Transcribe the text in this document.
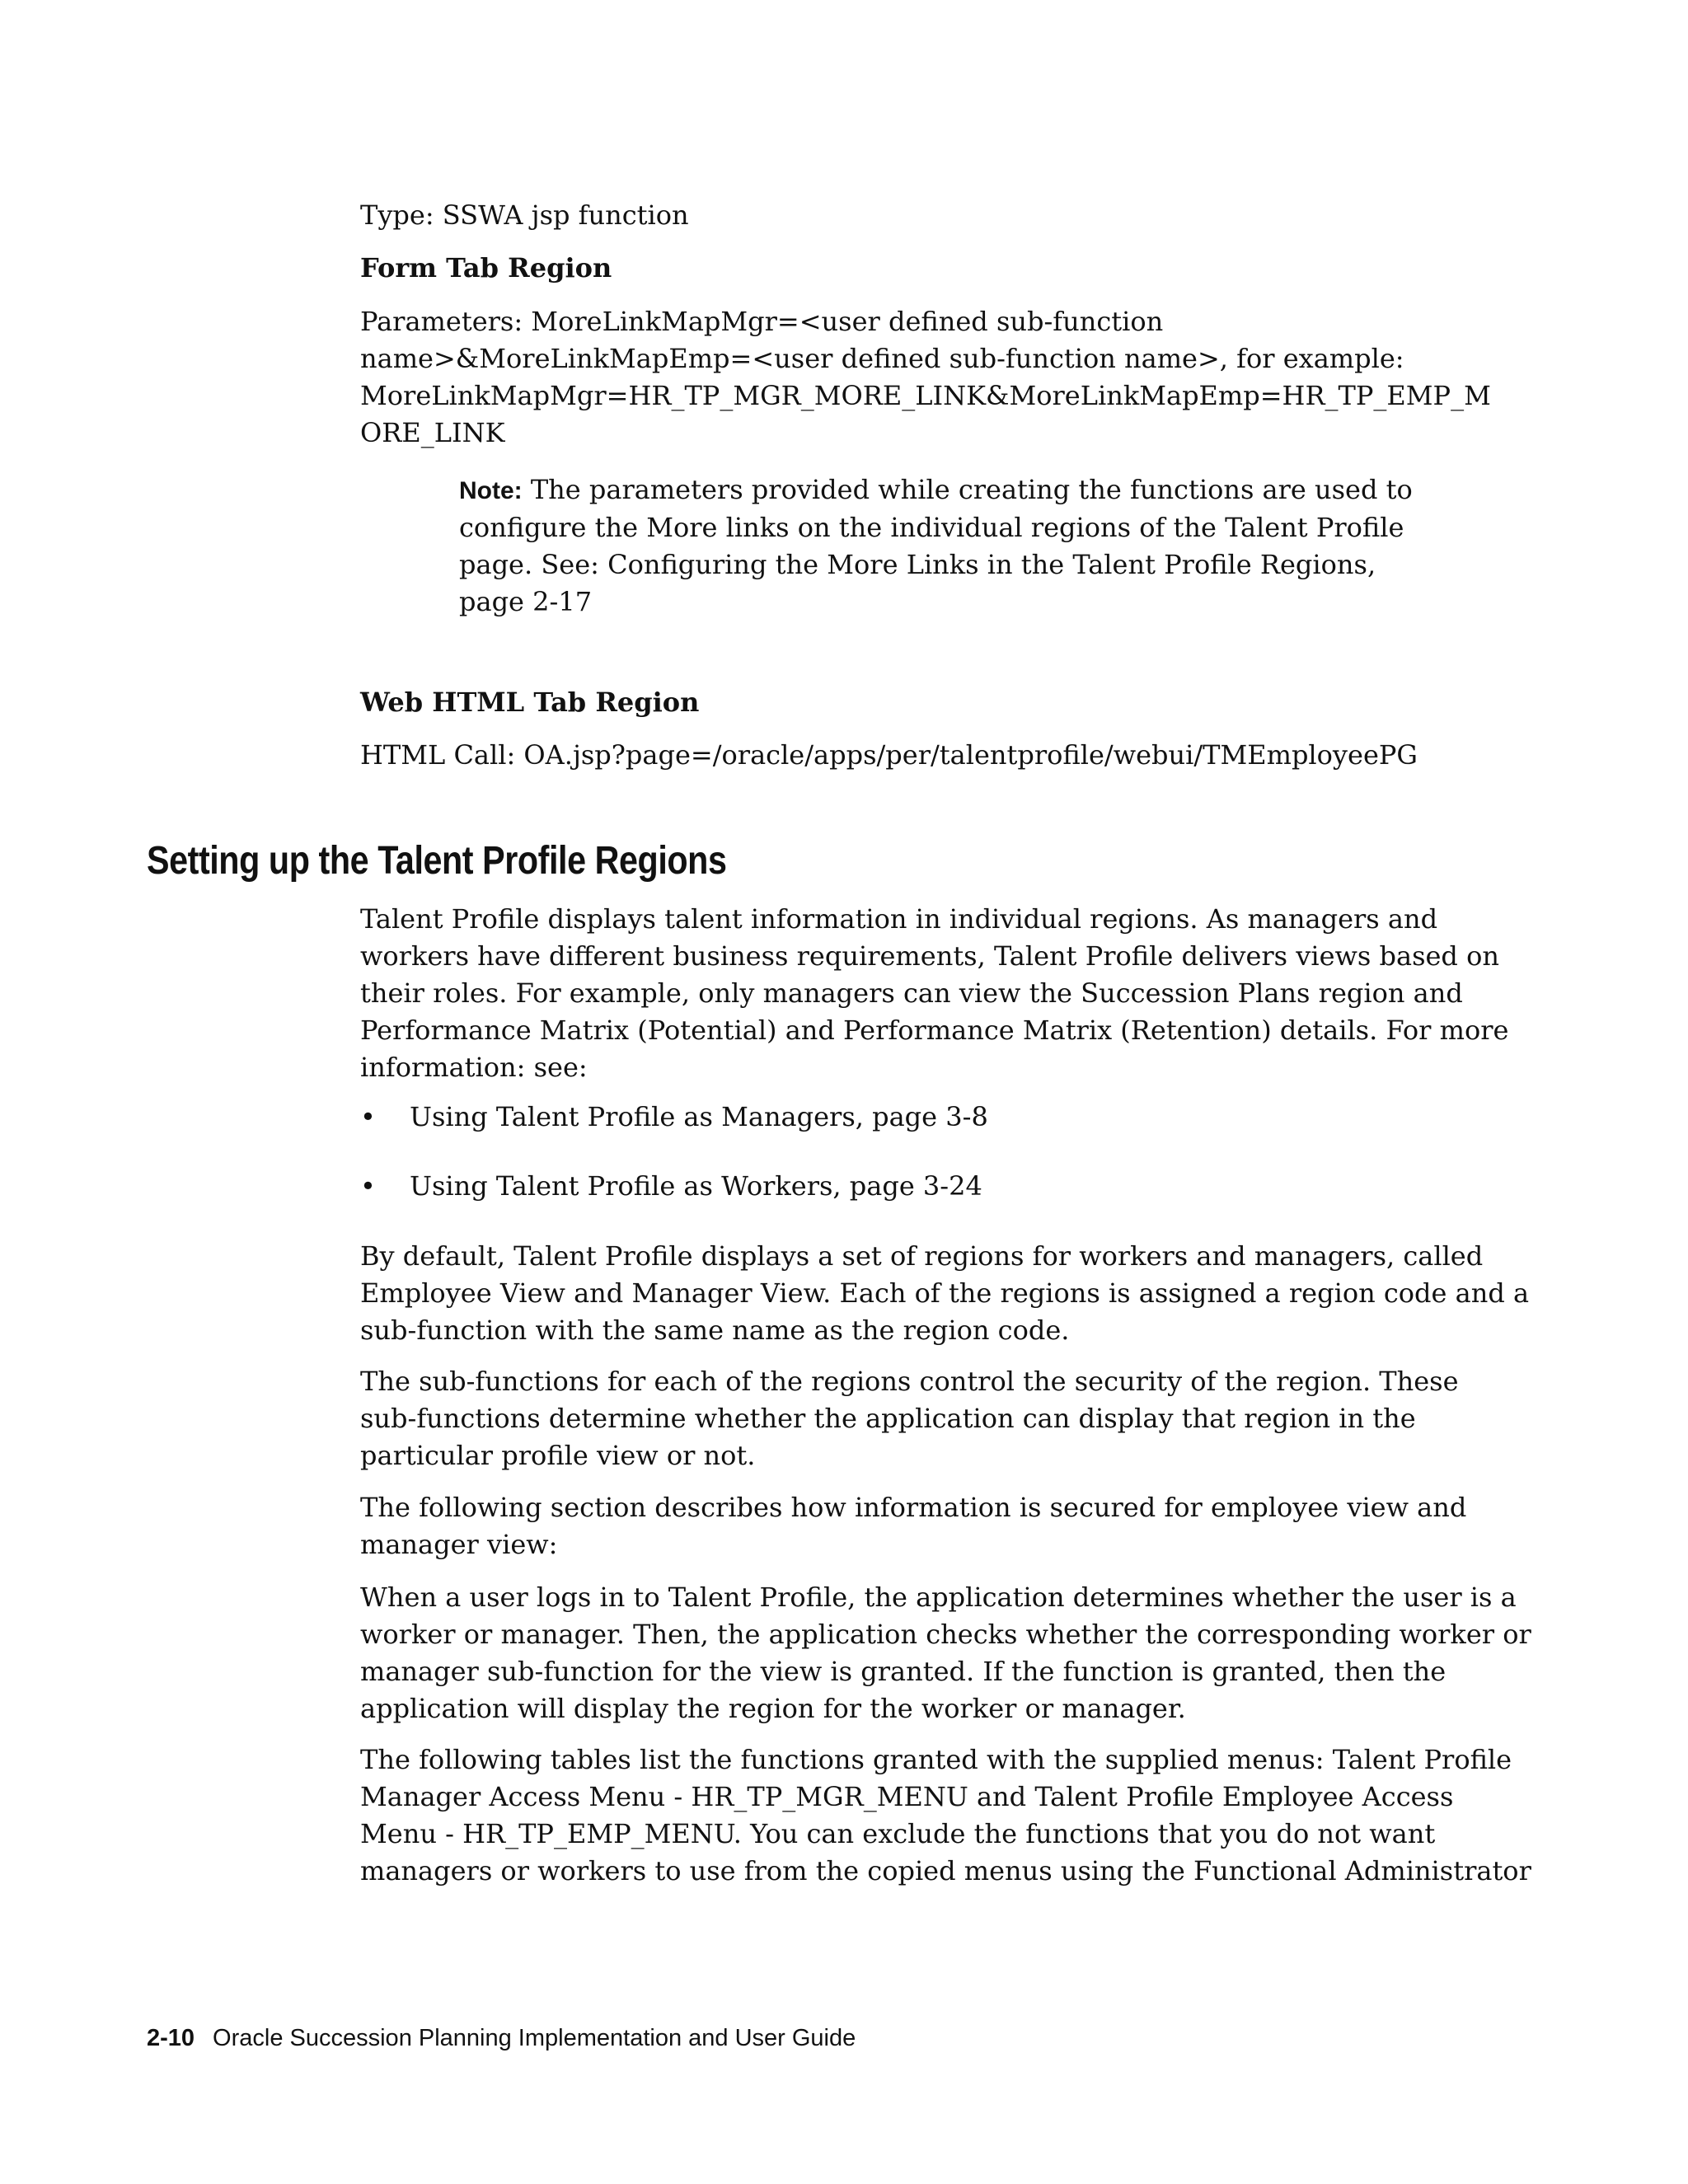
Type: SSWA jsp function
Form Tab Region
Parameters: MoreLinkMapMgr=<user defined sub-function
name>&MoreLinkMapEmp=<user defined sub-function name>, for example:
MoreLinkMapMgr=HR_TP_MGR_MORE_LINK&MoreLinkMapEmp=HR_TP_EMP_M
ORE_LINK
Note: The parameters provided while creating the functions are used to
configure the More links on the individual regions of the Talent Profile
page. See: Configuring the More Links in the Talent Profile Regions,
page 2-17
Web HTML Tab Region
HTML Call: OA.jsp?page=/oracle/apps/per/talentprofile/webui/TMEmployeePG
Setting up the Talent Profile Regions
Talent Profile displays talent information in individual regions. As managers and
workers have different business requirements, Talent Profile delivers views based on
their roles. For example, only managers can view the Succession Plans region and
Performance Matrix (Potential) and Performance Matrix (Retention) details. For more
information: see:
• Using Talent Profile as Managers, page 3-8
• Using Talent Profile as Workers, page 3-24
By default, Talent Profile displays a set of regions for workers and managers, called
Employee View and Manager View. Each of the regions is assigned a region code and a
sub-function with the same name as the region code.
The sub-functions for each of the regions control the security of the region. These
sub-functions determine whether the application can display that region in the
particular profile view or not.
The following section describes how information is secured for employee view and
manager view:
When a user logs in to Talent Profile, the application determines whether the user is a
worker or manager. Then, the application checks whether the corresponding worker or
manager sub-function for the view is granted. If the function is granted, then the
application will display the region for the worker or manager.
The following tables list the functions granted with the supplied menus: Talent Profile
Manager Access Menu - HR_TP_MGR_MENU and Talent Profile Employee Access
Menu - HR_TP_EMP_MENU. You can exclude the functions that you do not want
managers or workers to use from the copied menus using the Functional Administrator
2-10 Oracle Succession Planning Implementation and User Guide
